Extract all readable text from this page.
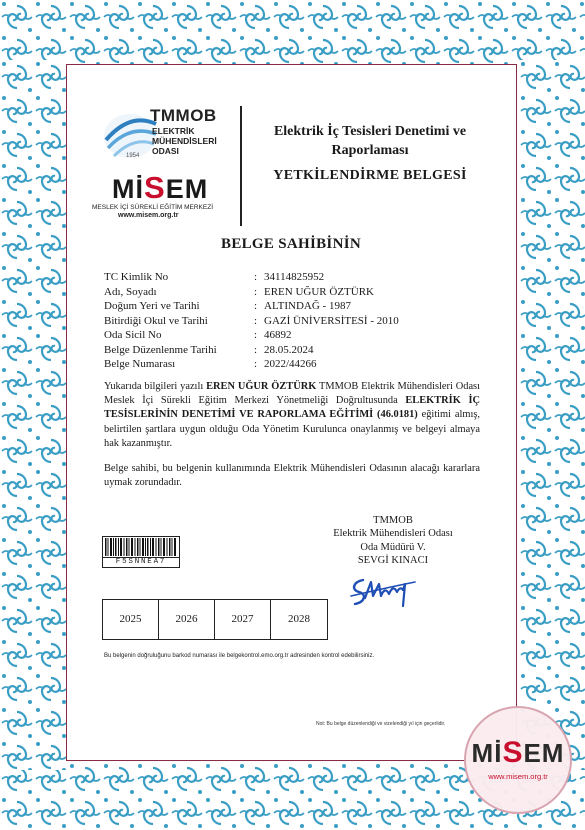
TMMOB
ELEKTRİK
MÜHENDİSLERİ
ODASI
1954
MİSEM
MESLEK İÇİ SÜREKLİ EĞİTİM MERKEZİ
www.misem.org.tr
Elektrik İç Tesisleri Denetimi ve Raporlaması
YETKİLENDİRME BELGESİ
BELGE SAHİBİNİN
TC Kimlik No	: 34114825952
Adı, Soyadı	: EREN UĞUR ÖZTÜRK
Doğum Yeri ve Tarihi	: ALTINDAĞ - 1987
Bitirdiği Okul ve Tarihi	: GAZİ ÜNİVERSİTESİ - 2010
Oda Sicil No	: 46892
Belge Düzenlenme Tarihi	: 28.05.2024
Belge Numarası	: 2022/44266
Yukarıda bilgileri yazılı EREN UĞUR ÖZTÜRK TMMOB Elektrik Mühendisleri Odası Meslek İçi Sürekli Eğitim Merkezi Yönetmeliği Doğrultusunda ELEKTRİK İÇ TESİSLERİNİN DENETİMİ VE RAPORLAMA EĞİTİMİ (46.0181) eğitimi almış, belirtilen şartlara uygun olduğu Oda Yönetim Kurulunca onaylanmış ve belgeyi almaya hak kazanmıştır.
Belge sahibi, bu belgenin kullanımında Elektrik Mühendisleri Odasının alacağı kararlara uymak zorundadır.
F5SNNEA7
TMMOB
Elektrik Mühendisleri Odası
Oda Müdürü V.
SEVGİ KINACI
2025	2026	2027	2028
Bu belgenin doğruluğunu barkod numarası ile belgekontrol.emo.org.tr adresinden kontrol edebilirsiniz.
Not: Bu belge düzenlendiği ve vizelendiği yıl için geçerlidir.
MİSEM
www.misem.org.tr
